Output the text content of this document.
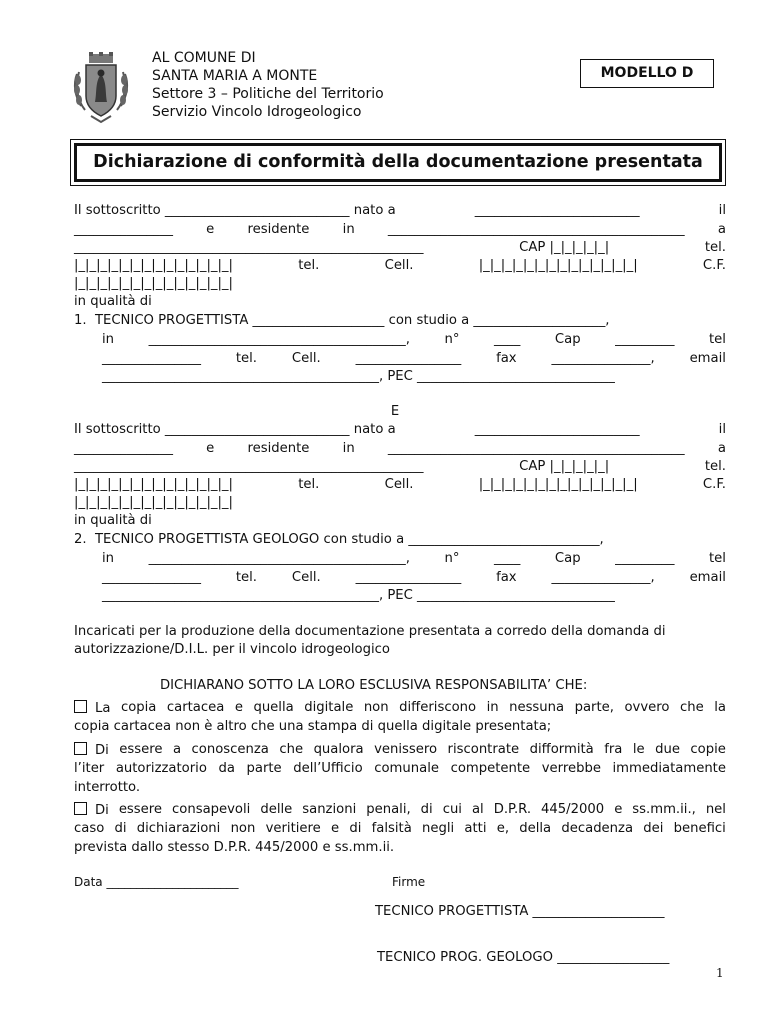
AL COMUNE DI
SANTA MARIA A MONTE
Settore 3 – Politiche del Territorio
Servizio Vincolo Idrogeologico
MODELLO D
Dichiarazione di conformità della documentazione presentata
Il sottoscritto ____________________________ nato a	_________________________	il
_______________	e	residente	in	_____________________________________________	a
_____________________________________________________	CAP |_|_|_|_|_|	tel.
|_|_|_|_|_|_|_|_|_|_|_|_|_|_|	tel.	Cell.	|_|_|_|_|_|_|_|_|_|_|_|_|_|_|	C.F.
|_|_|_|_|_|_|_|_|_|_|_|_|_|_|
in qualità di
1.  TECNICO PROGETTISTA ____________________ con studio a ____________________,
in	_______________________________________,	n°	____	Cap	_________	tel
_______________	tel.	Cell.	________________	fax	_______________,	email
__________________________________________, PEC ______________________________
E
Il sottoscritto ____________________________ nato a	_________________________	il
_______________	e	residente	in	_____________________________________________	a
_____________________________________________________	CAP |_|_|_|_|_|	tel.
|_|_|_|_|_|_|_|_|_|_|_|_|_|_|	tel.	Cell.	|_|_|_|_|_|_|_|_|_|_|_|_|_|_|	C.F.
|_|_|_|_|_|_|_|_|_|_|_|_|_|_|
in qualità di
2.  TECNICO PROGETTISTA GEOLOGO con studio a _____________________________,
in	_______________________________________,	n°	____	Cap	_________	tel
_______________	tel.	Cell.	________________	fax	_______________,	email
__________________________________________, PEC ______________________________
Incaricati per la produzione della documentazione presentata a corredo della domanda di
autorizzazione/D.I.L. per il vincolo idrogeologico
DICHIARANO SOTTO LA LORO ESCLUSIVA RESPONSABILITA’ CHE:
La copia cartacea e quella digitale non differiscono in nessuna parte, ovvero che la
copia cartacea non è altro che una stampa di quella digitale presentata;
Di essere a conoscenza che qualora venissero riscontrate difformità fra le due copie
l’iter autorizzatorio da parte dell’Ufficio comunale competente verrebbe immediatamente
interrotto.
Di essere consapevoli delle sanzioni penali, di cui al D.P.R. 445/2000 e ss.mm.ii., nel
caso di dichiarazioni non veritiere e di falsità negli atti e, della decadenza dei benefici
prevista dallo stesso D.P.R. 445/2000 e ss.mm.ii.
Data ______________________	Firme
TECNICO PROGETTISTA ____________________
TECNICO PROG. GEOLOGO _________________
1
